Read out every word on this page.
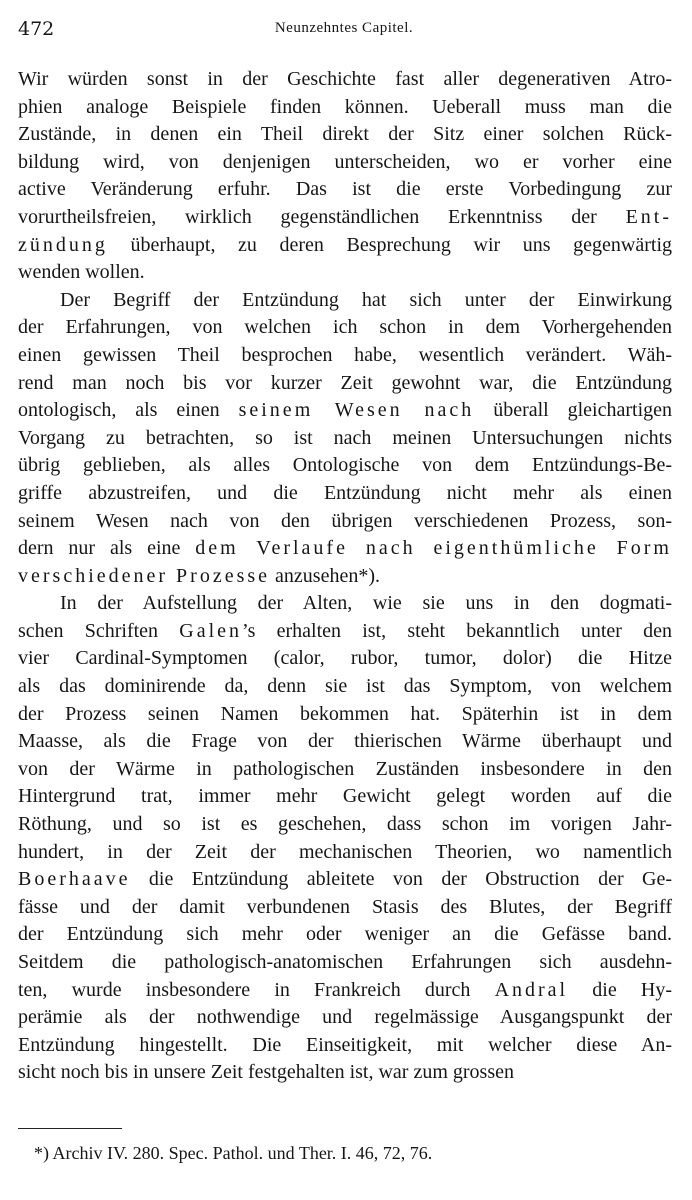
472	Neunzehntes Capitel.
Wir würden sonst in der Geschichte fast aller degenerativen Atro-
phien analoge Beispiele finden können. Ueberall muss man die
Zustände, in denen ein Theil direkt der Sitz einer solchen Rück-
bildung wird, von denjenigen unterscheiden, wo er vorher eine
active Veränderung erfuhr. Das ist die erste Vorbedingung zur
vorurtheilsfreien, wirklich gegenständlichen Erkenntniss der Ent-
zündung überhaupt, zu deren Besprechung wir uns gegenwärtig
wenden wollen.
Der Begriff der Entzündung hat sich unter der Einwirkung
der Erfahrungen, von welchen ich schon in dem Vorhergehenden
einen gewissen Theil besprochen habe, wesentlich verändert. Wäh-
rend man noch bis vor kurzer Zeit gewohnt war, die Entzündung
ontologisch, als einen seinem Wesen nach überall gleichartigen
Vorgang zu betrachten, so ist nach meinen Untersuchungen nichts
übrig geblieben, als alles Ontologische von dem Entzündungs-Be-
griffe abzustreifen, und die Entzündung nicht mehr als einen
seinem Wesen nach von den übrigen verschiedenen Prozess, son-
dern nur als eine dem Verlaufe nach eigenthümliche Form
verschiedener Prozesse anzusehen*).
In der Aufstellung der Alten, wie sie uns in den dogmati-
schen Schriften Galen’s erhalten ist, steht bekanntlich unter den
vier Cardinal-Symptomen (calor, rubor, tumor, dolor) die Hitze
als das dominirende da, denn sie ist das Symptom, von welchem
der Prozess seinen Namen bekommen hat. Späterhin ist in dem
Maasse, als die Frage von der thierischen Wärme überhaupt und
von der Wärme in pathologischen Zuständen insbesondere in den
Hintergrund trat, immer mehr Gewicht gelegt worden auf die
Röthung, und so ist es geschehen, dass schon im vorigen Jahr-
hundert, in der Zeit der mechanischen Theorien, wo namentlich
Boerhaave die Entzündung ableitete von der Obstruction der Ge-
fässe und der damit verbundenen Stasis des Blutes, der Begriff
der Entzündung sich mehr oder weniger an die Gefässe band.
Seitdem die pathologisch-anatomischen Erfahrungen sich ausdehn-
ten, wurde insbesondere in Frankreich durch Andral die Hy-
perämie als der nothwendige und regelmässige Ausgangspunkt der
Entzündung hingestellt. Die Einseitigkeit, mit welcher diese An-
sicht noch bis in unsere Zeit festgehalten ist, war zum grossen
*) Archiv IV. 280. Spec. Pathol. und Ther. I. 46, 72, 76.
